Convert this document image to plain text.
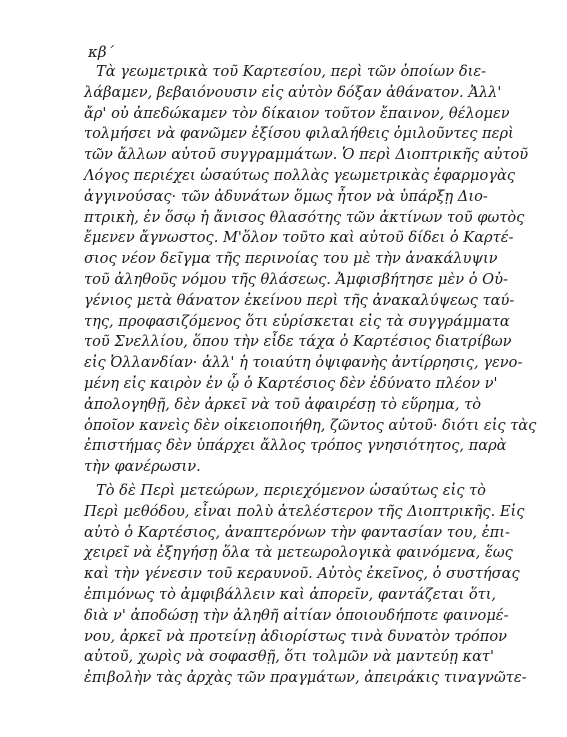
κβ΄
Τὰ γεωμετρικὰ τοῦ Καρτεσίου, περὶ τῶν ὁποίων διε-
λάβαμεν, βεβαιόνουσιν εἰς αὐτὸν δόξαν ἀθάνατον. Ἀλλ'
ἄρ' οὐ ἀπεδώκαμεν τὸν δίκαιον τοῦτον ἔπαινον, θέλομεν
τολμήσει νὰ φανῶμεν ἐξίσου φιλαλήθεις ὁμιλοῦντες περὶ
τῶν ἄλλων αὐτοῦ συγγραμμάτων. Ὁ περὶ Διοπτρικῆς αὐτοῦ
Λόγος περιέχει ὡσαύτως πολλὰς γεωμετρικὰς ἐφαρμογὰς
ἀγγινούσας· τῶν ἀδυνάτων ὅμως ἦτον νὰ ὑπάρξῃ Διο-
πτρικὴ, ἐν ὅσῳ ἡ ἄνισος θλασότης τῶν ἀκτίνων τοῦ φωτὸς
ἔμενεν ἄγνωστος. Μ'ὅλον τοῦτο καὶ αὐτοῦ δίδει ὁ Καρτέ-
σιος νέον δεῖγμα τῆς περινοίας του μὲ τὴν ἀνακάλυψιν
τοῦ ἀληθοῦς νόμου τῆς θλάσεως. Ἀμφισβήτησε μὲν ὁ Οὐ-
γένιος μετὰ θάνατον ἐκείνου περὶ τῆς ἀνακαλύψεως ταύ-
της, προφασιζόμενος ὅτι εὑρίσκεται εἰς τὰ συγγράμματα
τοῦ Σνελλίου, ὅπου τὴν εἶδε τάχα ὁ Καρτέσιος διατρίβων
εἰς Ὀλλανδίαν· ἀλλ' ἡ τοιαύτη ὀψιφανὴς ἀντίρρησις, γενο-
μένη εἰς καιρὸν ἐν ᾧ ὁ Καρτέσιος δὲν ἐδύνατο πλέον ν'
ἀπολογηθῇ, δὲν ἀρκεῖ νὰ τοῦ ἀφαιρέσῃ τὸ εὕρημα, τὸ
ὁποῖον κανεὶς δὲν οἰκειοποιήθη, ζῶντος αὐτοῦ· διότι εἰς τὰς
ἐπιστήμας δὲν ὑπάρχει ἄλλος τρόπος γνησιότητος, παρὰ
τὴν φανέρωσιν.
Τὸ δὲ Περὶ μετεώρων, περιεχόμενον ὡσαύτως εἰς τὸ
Περὶ μεθόδου, εἶναι πολὺ ἀτελέστερον τῆς Διοπτρικῆς. Εἰς
αὐτὸ ὁ Καρτέσιος, ἀναπτερόνων τὴν φαντασίαν του, ἐπι-
χειρεῖ νὰ ἐξηγήσῃ ὅλα τὰ μετεωρολογικὰ φαινόμενα, ἕως
καὶ τὴν γένεσιν τοῦ κεραυνοῦ. Αὐτὸς ἐκεῖνος, ὁ συστήσας
ἐπιμόνως τὸ ἀμφιβάλλειν καὶ ἀπορεῖν, φαντάζεται ὅτι,
διὰ ν' ἀποδώσῃ τὴν ἀληθῆ αἰτίαν ὁποιουδήποτε φαινομέ-
νου, ἀρκεῖ νὰ προτείνῃ ἀδιορίστως τινὰ δυνατὸν τρόπον
αὐτοῦ, χωρὶς νὰ σοφασθῇ, ὅτι τολμῶν νὰ μαντεύῃ κατ'
ἐπιβολὴν τὰς ἀρχὰς τῶν πραγμάτων, ἀπειράκις τιναγνῶτε-
